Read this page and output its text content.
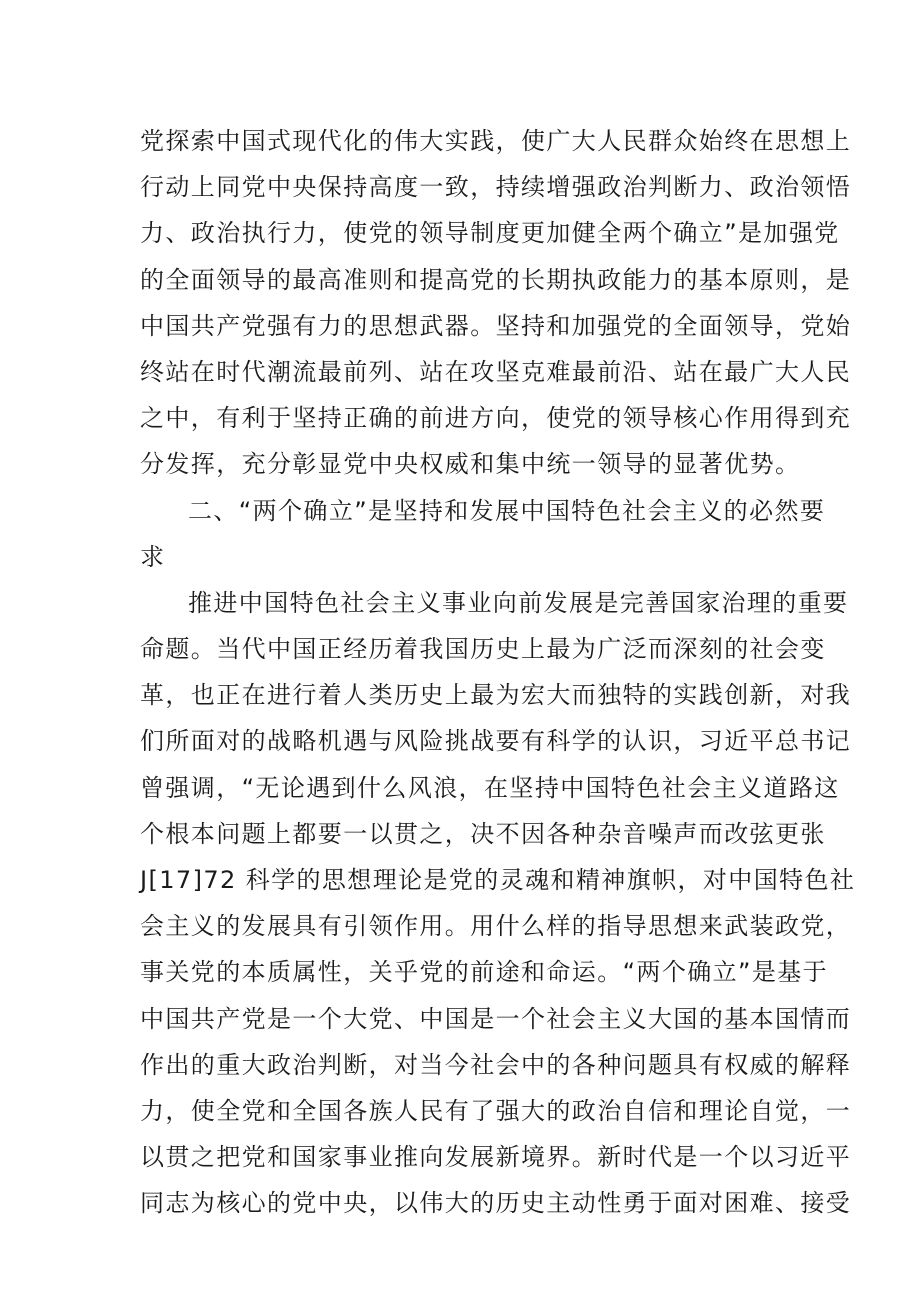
党探索中国式现代化的伟大实践，使广大人民群众始终在思想上
行动上同党中央保持高度一致，持续增强政治判断力、政治领悟
力、政治执行力，使党的领导制度更加健全两个确立”是加强党
的全面领导的最高准则和提高党的长期执政能力的基本原则，是
中国共产党强有力的思想武器。坚持和加强党的全面领导，党始
终站在时代潮流最前列、站在攻坚克难最前沿、站在最广大人民
之中，有利于坚持正确的前进方向，使党的领导核心作用得到充
分发挥，充分彰显党中央权威和集中统一领导的显著优势。
二、“两个确立”是坚持和发展中国特色社会主义的必然要
求
推进中国特色社会主义事业向前发展是完善国家治理的重要
命题。当代中国正经历着我国历史上最为广泛而深刻的社会变
革，也正在进行着人类历史上最为宏大而独特的实践创新，对我
们所面对的战略机遇与风险挑战要有科学的认识，习近平总书记
曾强调，“无论遇到什么风浪，在坚持中国特色社会主义道路这
个根本问题上都要一以贯之，决不因各种杂音噪声而改弦更张
J[17]72 科学的思想理论是党的灵魂和精神旗帜，对中国特色社
会主义的发展具有引领作用。用什么样的指导思想来武装政党，
事关党的本质属性，关乎党的前途和命运。“两个确立”是基于
中国共产党是一个大党、中国是一个社会主义大国的基本国情而
作出的重大政治判断，对当今社会中的各种问题具有权威的解释
力，使全党和全国各族人民有了强大的政治自信和理论自觉，一
以贯之把党和国家事业推向发展新境界。新时代是一个以习近平
同志为核心的党中央，以伟大的历史主动性勇于面对困难、接受
